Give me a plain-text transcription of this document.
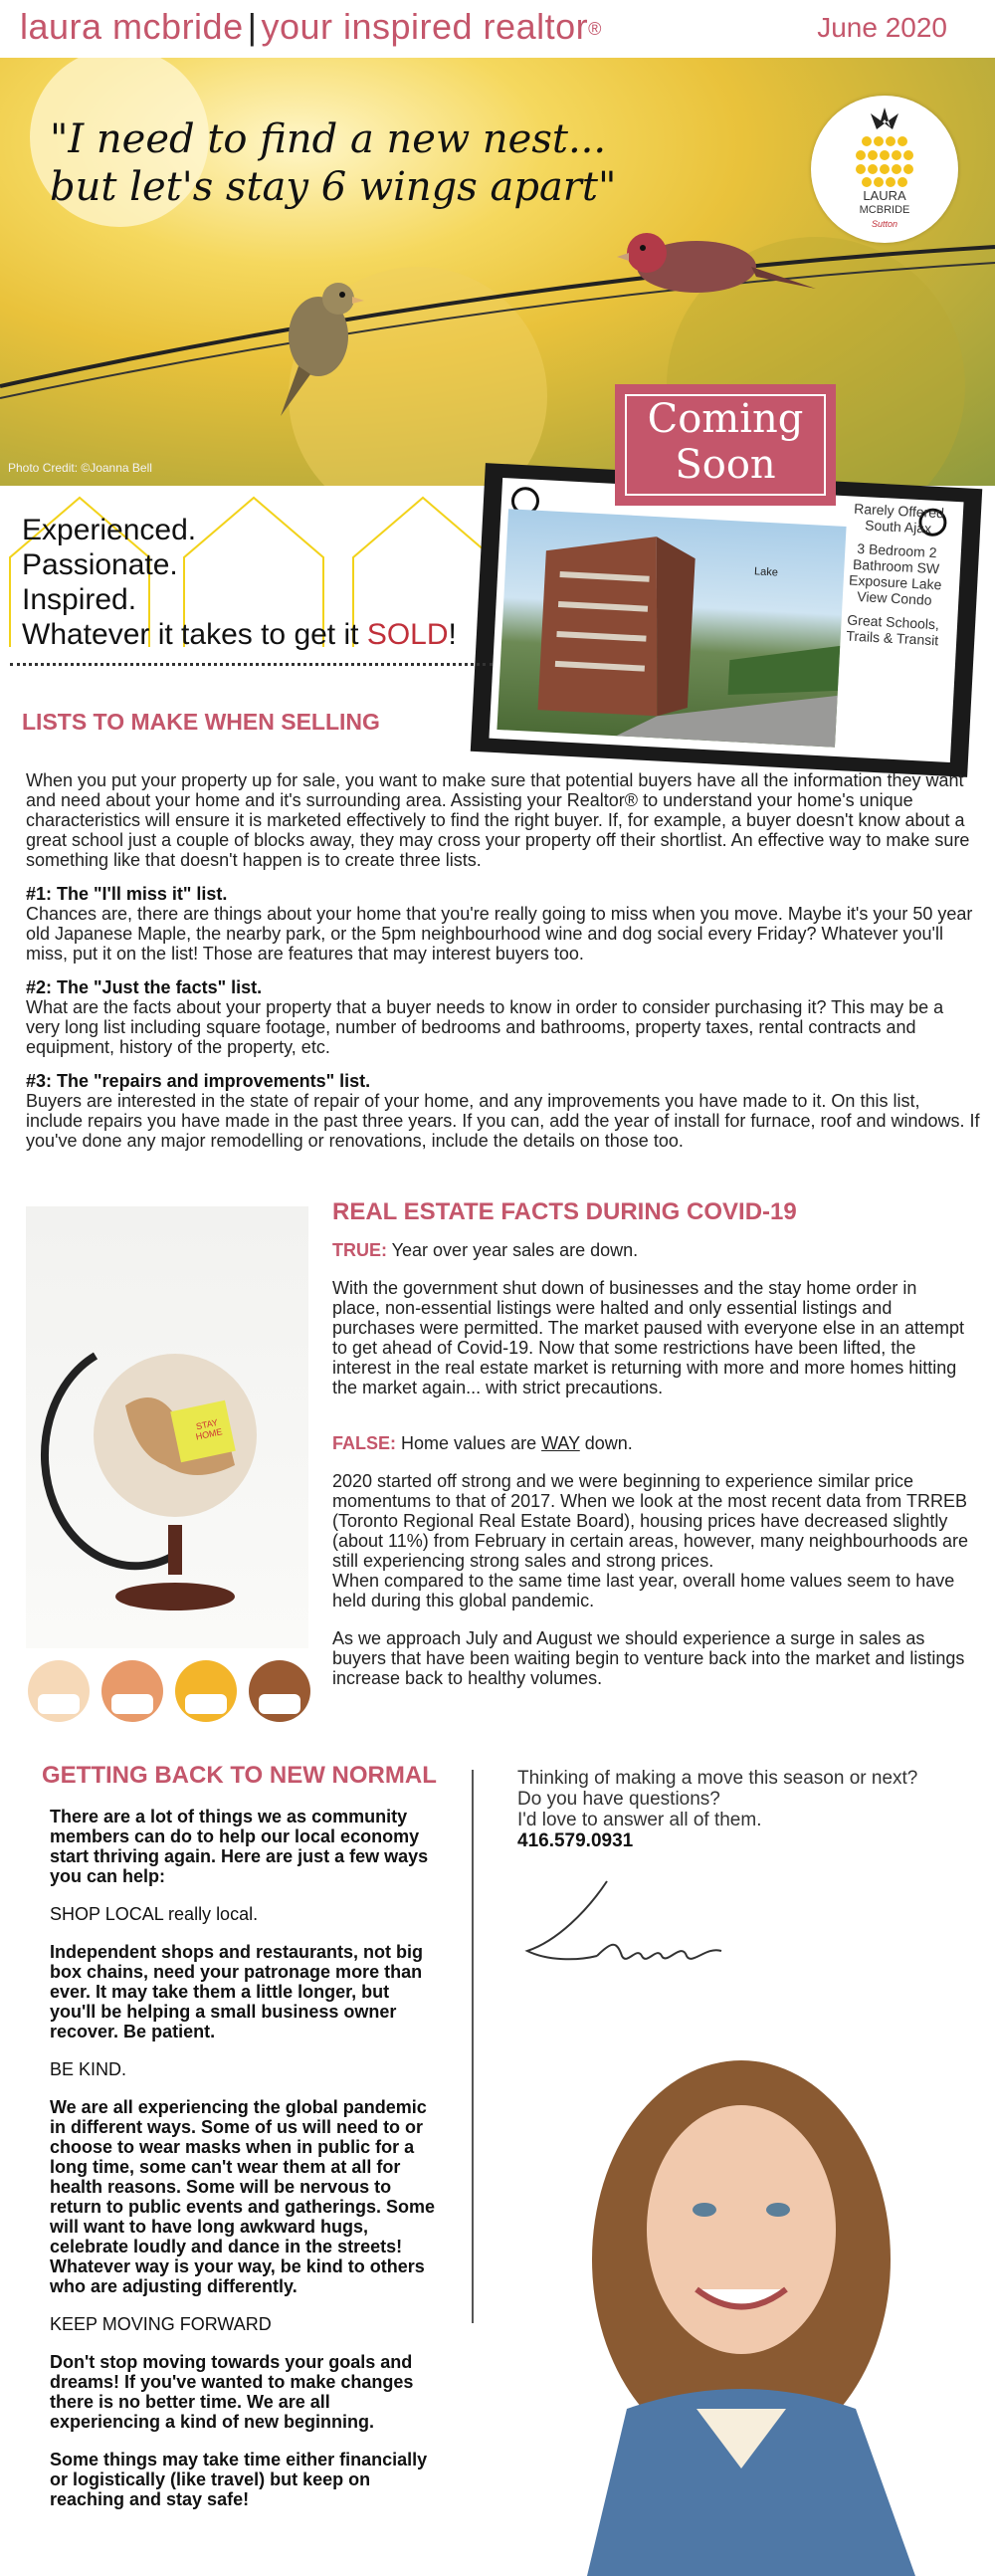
laura mcbride | your inspired realtor®	June 2020
"I need to find a new nest...
but let's stay 6 wings apart"
Photo Credit: ©Joanna Bell
LAURA
MCBRIDE
Sutton
Lake

Rarely Offered South Ajax

3 Bedroom 2 Bathroom SW Exposure Lake View Condo

Great Schools, Trails & Transit

Coming
Soon
Experienced.
Passionate.
Inspired.
Whatever it takes to get it SOLD!
LISTS TO MAKE WHEN SELLING

When you put your property up for sale, you want to make sure that potential buyers have all the information they want and need about your home and it's surrounding area. Assisting your Realtor® to understand your home's unique characteristics will ensure it is marketed effectively to find the right buyer. If, for example, a buyer doesn't know about a great school just a couple of blocks away, they may cross your property off their shortlist. An effective way to make sure something like that doesn't happen is to create three lists.

#1: The "I'll miss it" list.
Chances are, there are things about your home that you're really going to miss when you move. Maybe it's your 50 year old Japanese Maple, the nearby park, or the 5pm neighbourhood wine and dog social every Friday? Whatever you'll miss, put it on the list! Those are features that may interest buyers too.

#2: The "Just the facts" list.
What are the facts about your property that a buyer needs to know in order to consider purchasing it? This may be a very long list including square footage, number of bedrooms and bathrooms, property taxes, rental contracts and equipment, history of the property, etc.

#3: The "repairs and improvements" list.
Buyers are interested in the state of repair of your home, and any improvements you have made to it. On this list, include repairs you have made in the past three years. If you can, add the year of install for furnace, roof and windows. If you've done any major remodelling or renovations, include the details on those too.

STAY HOME
REAL ESTATE FACTS DURING COVID-19

TRUE: Year over year sales are down.

With the government shut down of businesses and the stay home order in place, non-essential listings were halted and only essential listings and purchases were permitted. The market paused with everyone else in an attempt to get ahead of Covid-19. Now that some restrictions have been lifted, the interest in the real estate market is returning with more and more homes hitting the market again... with strict precautions.

FALSE: Home values are WAY down.

2020 started off strong and we were beginning to experience similar price momentums to that of 2017. When we look at the most recent data from TRREB (Toronto Regional Real Estate Board), housing prices have decreased slightly (about 11%) from February in certain areas, however, many neighbourhoods are still experiencing strong sales and strong prices.

When compared to the same time last year, overall home values seem to have held during this global pandemic.

As we approach July and August we should experience a surge in sales as buyers that have been waiting begin to venture back into the market and listings increase back to healthy volumes.

GETTING BACK TO NEW NORMAL

There are a lot of things we as community members can do to help our local economy start thriving again. Here are just a few ways you can help:

SHOP LOCAL really local.

Independent shops and restaurants, not big box chains, need your patronage more than ever. It may take them a little longer, but you'll be helping a small business owner recover. Be patient.

BE KIND.

We are all experiencing the global pandemic in different ways. Some of us will need to or choose to wear masks when in public for a long time, some can't wear them at all for health reasons. Some will be nervous to return to public events and gatherings. Some will want to have long awkward hugs, celebrate loudly and dance in the streets! Whatever way is your way, be kind to others who are adjusting differently.

KEEP MOVING FORWARD

Don't stop moving towards your goals and dreams! If you've wanted to make changes there is no better time. We are all experiencing a kind of new beginning.

Some things may take time either financially or logistically (like travel) but keep on reaching and stay safe!

Thinking of making a move this season or next?
Do you have questions?
I'd love to answer all of them.
416.579.0931
